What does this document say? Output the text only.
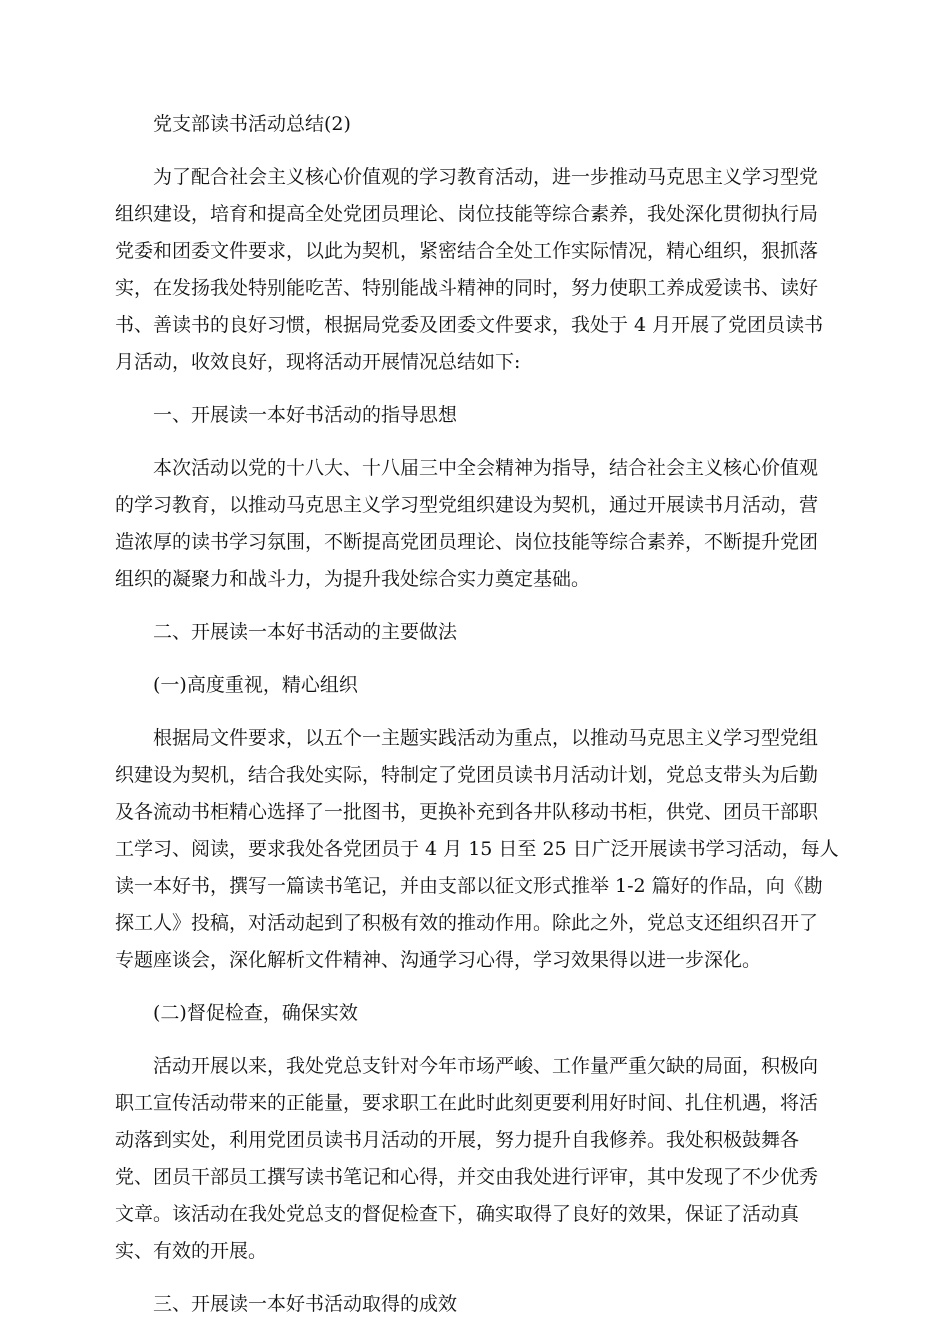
党支部读书活动总结(2)

为了配合社会主义核心价值观的学习教育活动，进一步推动马克思主义学习型党

组织建设，培育和提高全处党团员理论、岗位技能等综合素养，我处深化贯彻执行局

党委和团委文件要求，以此为契机，紧密结合全处工作实际情况，精心组织，狠抓落

实，在发扬我处特别能吃苦、特别能战斗精神的同时，努力使职工养成爱读书、读好

书、善读书的良好习惯，根据局党委及团委文件要求，我处于 4 月开展了党团员读书

月活动，收效良好，现将活动开展情况总结如下:

一、开展读一本好书活动的指导思想

本次活动以党的十八大、十八届三中全会精神为指导，结合社会主义核心价值观

的学习教育，以推动马克思主义学习型党组织建设为契机，通过开展读书月活动，营

造浓厚的读书学习氛围，不断提高党团员理论、岗位技能等综合素养，不断提升党团

组织的凝聚力和战斗力，为提升我处综合实力奠定基础。

二、开展读一本好书活动的主要做法

(一)高度重视，精心组织

根据局文件要求，以五个一主题实践活动为重点，以推动马克思主义学习型党组

织建设为契机，结合我处实际，特制定了党团员读书月活动计划，党总支带头为后勤

及各流动书柜精心选择了一批图书，更换补充到各井队移动书柜，供党、团员干部职

工学习、阅读，要求我处各党团员于 4 月 15 日至 25 日广泛开展读书学习活动，每人

读一本好书，撰写一篇读书笔记，并由支部以征文形式推举 1-2 篇好的作品，向《勘

探工人》投稿，对活动起到了积极有效的推动作用。除此之外，党总支还组织召开了

专题座谈会，深化解析文件精神、沟通学习心得，学习效果得以进一步深化。

(二)督促检查，确保实效

活动开展以来，我处党总支针对今年市场严峻、工作量严重欠缺的局面，积极向

职工宣传活动带来的正能量，要求职工在此时此刻更要利用好时间、扎住机遇，将活

动落到实处，利用党团员读书月活动的开展，努力提升自我修养。我处积极鼓舞各

党、团员干部员工撰写读书笔记和心得，并交由我处进行评审，其中发现了不少优秀

文章。该活动在我处党总支的督促检查下，确实取得了良好的效果，保证了活动真

实、有效的开展。

三、开展读一本好书活动取得的成效
